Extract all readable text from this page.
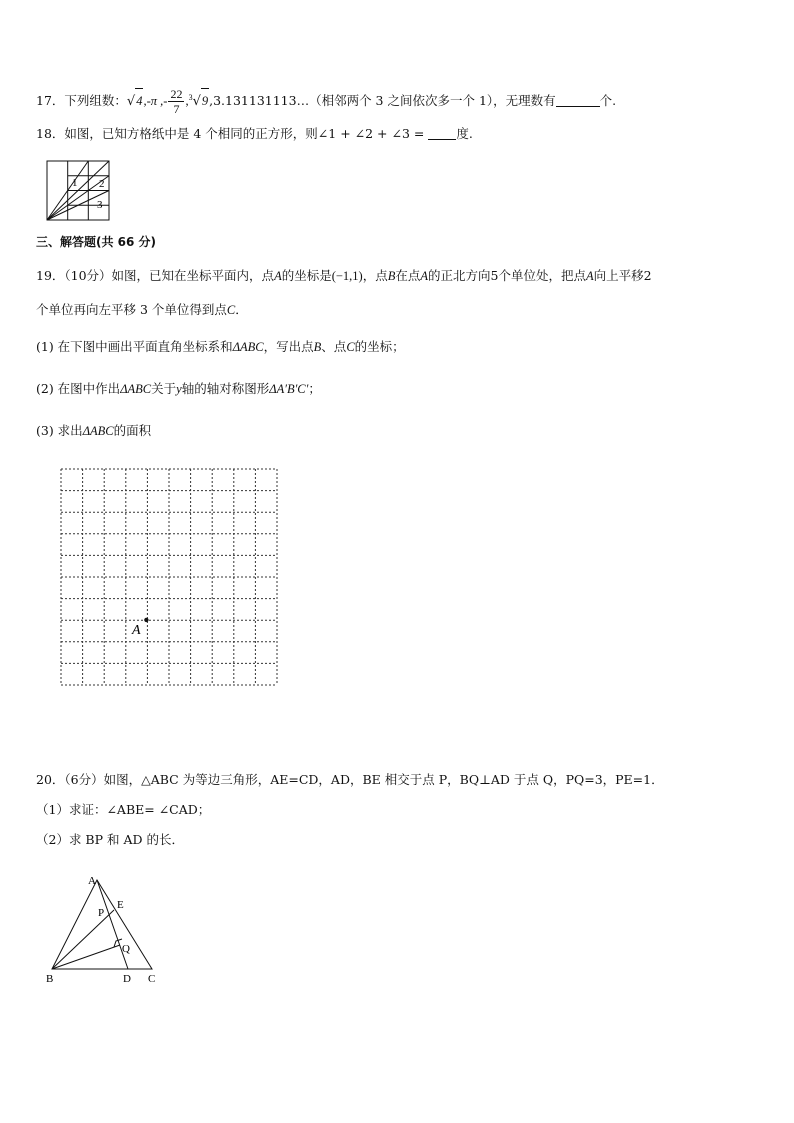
17．下列组数：√4,-π ,- $\frac{22}{7}$ ,$^3$√9,3.131131113…（相邻两个 3 之间依次多一个 1），无理数有	个.
18．如图，已知方格纸中是 4 个相同的正方形，则∠1 + ∠2 + ∠3 =	度.
1 2
3
三、解答题(共 66 分)
19．（10分）如图，已知在坐标平面内，点A的坐标是(−1,1)，点B在点A的正北方向5个单位处，把点A向上平移2
个单位再向左平移 3 个单位得到点C．
(1) 在下图中画出平面直角坐标系和ΔABC，写出点B、点C的坐标；
(2) 在图中作出ΔABC关于y轴的轴对称图形ΔA′B′C′；
(3) 求出ΔABC的面积
A
20．（6分）如图，△ABC 为等边三角形，AE=CD，AD，BE 相交于点 P，BQ⊥AD 于点 Q，PQ=3，PE=1．
（1）求证：∠ABE= ∠CAD；
（2）求 BP 和 AD 的长．
A
B	C
D
E
P
Q
